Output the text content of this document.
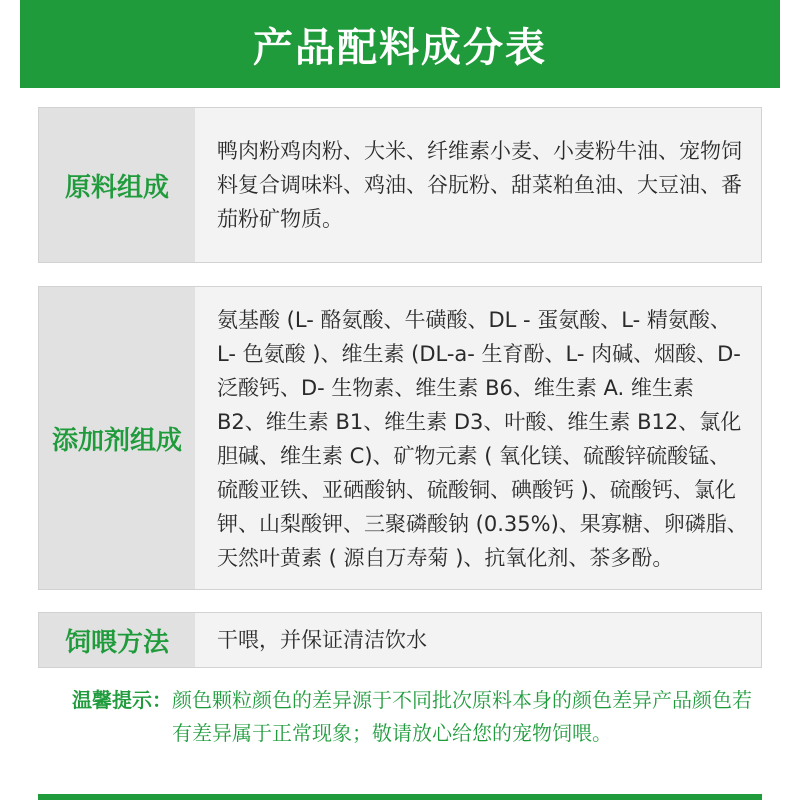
产品配料成分表
原料组成
鸭肉粉鸡肉粉、大米、纤维素小麦、小麦粉牛油、宠物饲料复合调味料、鸡油、谷朊粉、甜菜粕鱼油、大豆油、番茄粉矿物质。
添加剂组成
氨基酸 (L- 酪氨酸、牛磺酸、DL - 蛋氨酸、L- 精氨酸、L- 色氨酸 )、维生素 (DL-a- 生育酚、L- 肉碱、烟酸、D- 泛酸钙、D- 生物素、维生素 B6、维生素 A. 维生素 B2、维生素 B1、维生素 D3、叶酸、维生素 B12、氯化胆碱、维生素 C)、矿物元素 ( 氧化镁、硫酸锌硫酸锰、硫酸亚铁、亚硒酸钠、硫酸铜、碘酸钙 )、硫酸钙、氯化钾、山梨酸钾、三聚磷酸钠 (0.35%)、果寡糖、卵磷脂、天然叶黄素 ( 源自万寿菊 )、抗氧化剂、茶多酚。
饲喂方法	干喂，并保证清洁饮水
温馨提示： 颜色颗粒颜色的差异源于不同批次原料本身的颜色差异产品颜色若有差异属于正常现象；敬请放心给您的宠物饲喂。
